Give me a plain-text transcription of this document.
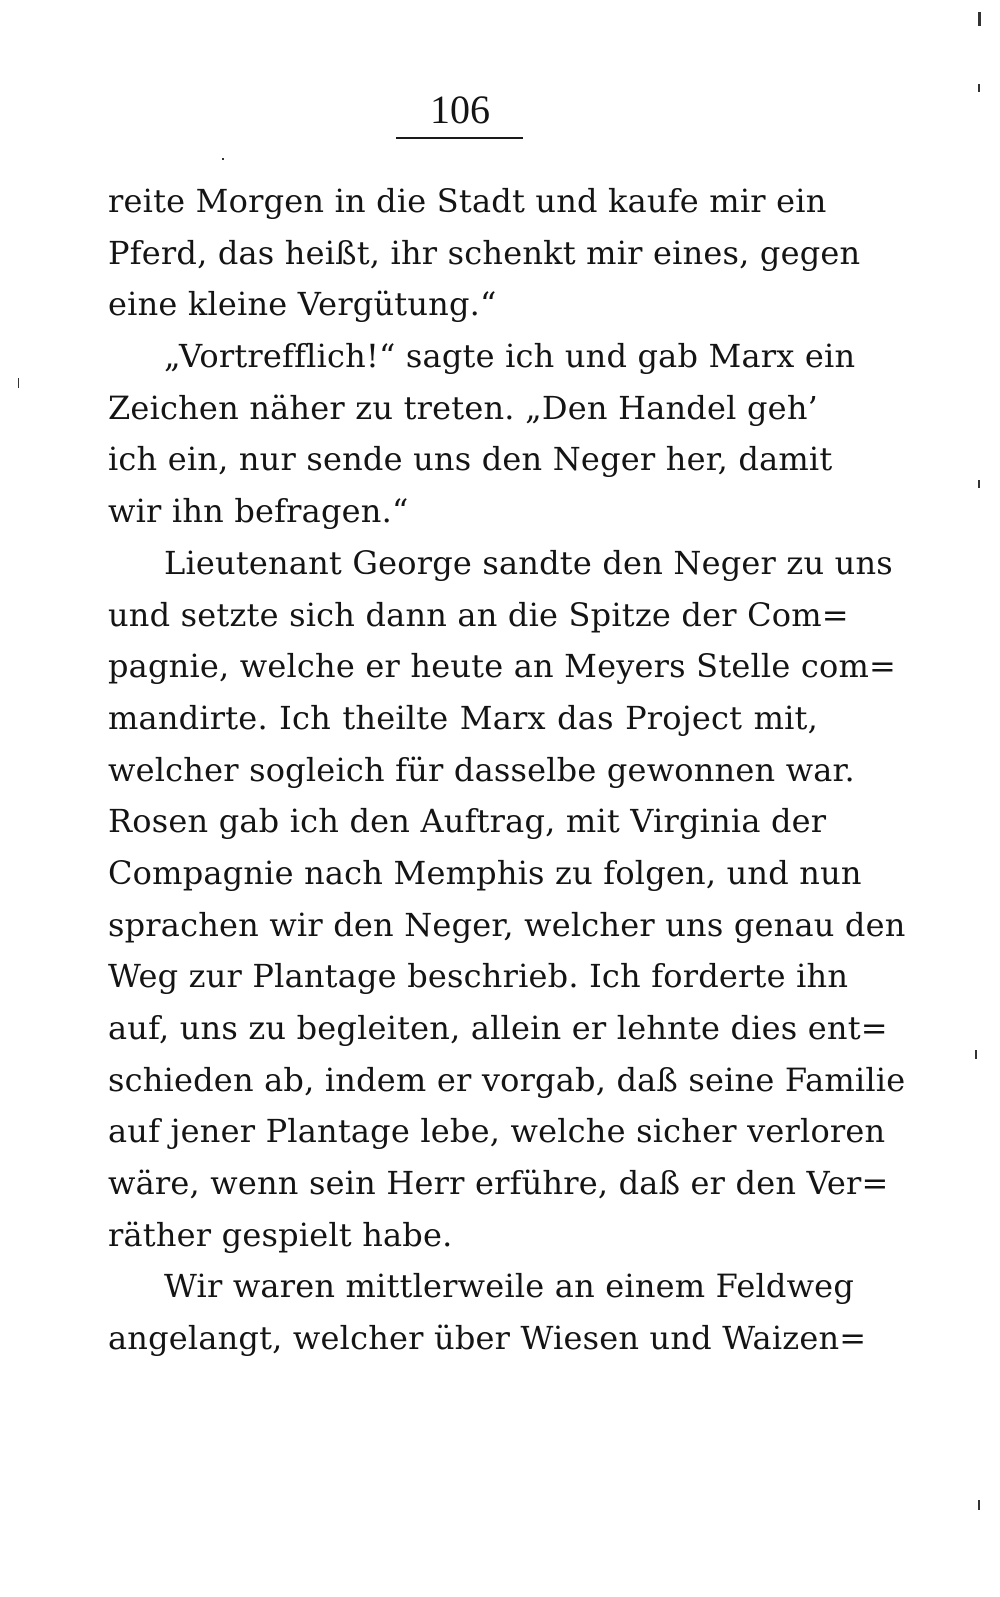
106
reite Morgen in die Stadt und kaufe mir ein
Pferd, das heißt, ihr schenkt mir eines, gegen
eine kleine Vergütung.“
„Vortrefflich!“ sagte ich und gab Marx ein
Zeichen näher zu treten. „Den Handel geh’
ich ein, nur sende uns den Neger her, damit
wir ihn befragen.“
Lieutenant George sandte den Neger zu uns
und setzte sich dann an die Spitze der Com=
pagnie, welche er heute an Meyers Stelle com=
mandirte. Ich theilte Marx das Project mit,
welcher sogleich für dasselbe gewonnen war.
Rosen gab ich den Auftrag, mit Virginia der
Compagnie nach Memphis zu folgen, und nun
sprachen wir den Neger, welcher uns genau den
Weg zur Plantage beschrieb. Ich forderte ihn
auf, uns zu begleiten, allein er lehnte dies ent=
schieden ab, indem er vorgab, daß seine Familie
auf jener Plantage lebe, welche sicher verloren
wäre, wenn sein Herr erführe, daß er den Ver=
räther gespielt habe.
Wir waren mittlerweile an einem Feldweg
angelangt, welcher über Wiesen und Waizen=
